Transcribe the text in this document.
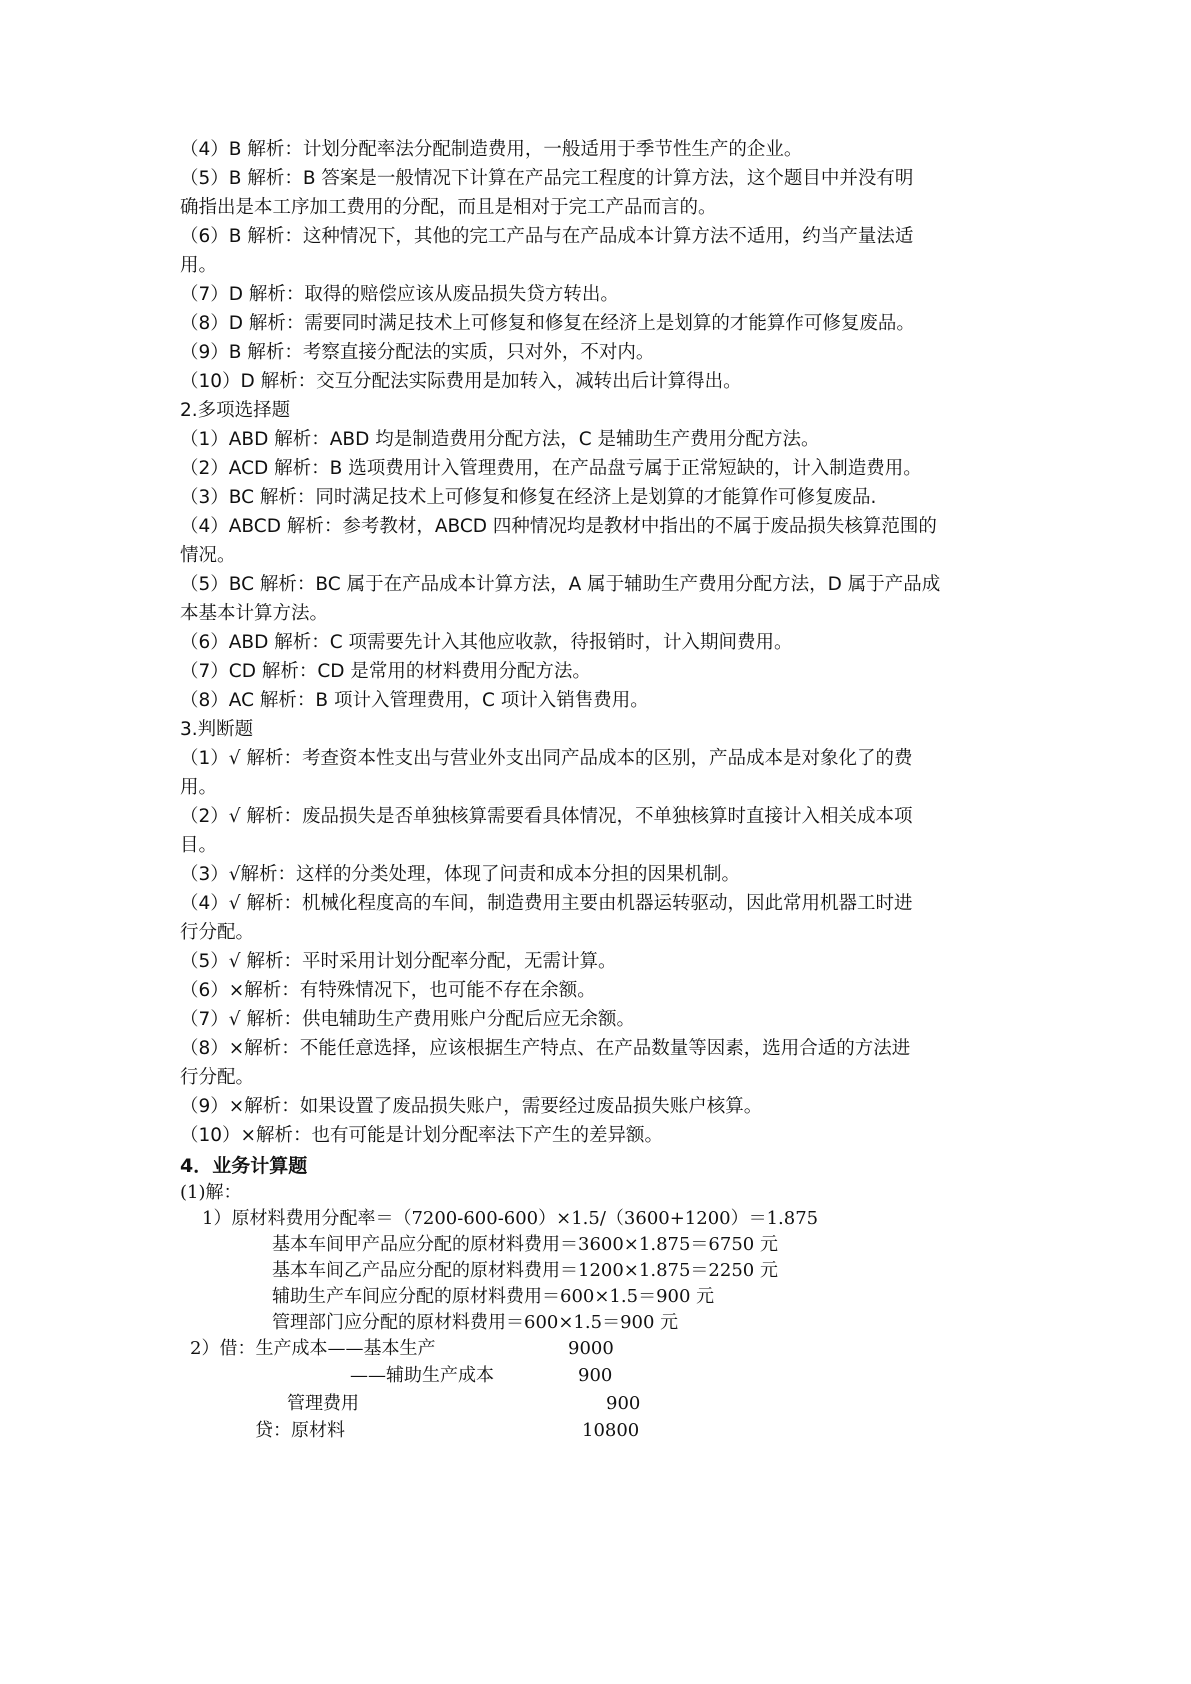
（4）B 解析：计划分配率法分配制造费用，一般适用于季节性生产的企业。
（5）B 解析：B 答案是一般情况下计算在产品完工程度的计算方法，这个题目中并没有明
确指出是本工序加工费用的分配，而且是相对于完工产品而言的。
（6）B 解析：这种情况下，其他的完工产品与在产品成本计算方法不适用，约当产量法适
用。
（7）D 解析：取得的赔偿应该从废品损失贷方转出。
（8）D 解析：需要同时满足技术上可修复和修复在经济上是划算的才能算作可修复废品。
（9）B 解析：考察直接分配法的实质，只对外，不对内。
（10）D 解析：交互分配法实际费用是加转入，减转出后计算得出。
2.多项选择题
（1）ABD 解析：ABD 均是制造费用分配方法，C 是辅助生产费用分配方法。
（2）ACD 解析：B 选项费用计入管理费用，在产品盘亏属于正常短缺的，计入制造费用。
（3）BC 解析：同时满足技术上可修复和修复在经济上是划算的才能算作可修复废品.
（4）ABCD 解析：参考教材，ABCD 四种情况均是教材中指出的不属于废品损失核算范围的
情况。
（5）BC 解析：BC 属于在产品成本计算方法，A 属于辅助生产费用分配方法，D 属于产品成
本基本计算方法。
（6）ABD 解析：C 项需要先计入其他应收款，待报销时，计入期间费用。
（7）CD 解析：CD 是常用的材料费用分配方法。
（8）AC 解析：B 项计入管理费用，C 项计入销售费用。
3.判断题
（1）√ 解析：考查资本性支出与营业外支出同产品成本的区别，产品成本是对象化了的费
用。
（2）√ 解析：废品损失是否单独核算需要看具体情况，不单独核算时直接计入相关成本项
目。
（3）√解析：这样的分类处理，体现了问责和成本分担的因果机制。
（4）√ 解析：机械化程度高的车间，制造费用主要由机器运转驱动，因此常用机器工时进
行分配。
（5）√ 解析：平时采用计划分配率分配，无需计算。
（6）×解析：有特殊情况下，也可能不存在余额。
（7）√ 解析：供电辅助生产费用账户分配后应无余额。
（8）×解析：不能任意选择，应该根据生产特点、在产品数量等因素，选用合适的方法进
行分配。
（9）×解析：如果设置了废品损失账户，需要经过废品损失账户核算。
（10）×解析：也有可能是计划分配率法下产生的差异额。
4．业务计算题
(1)解：
1）原材料费用分配率＝（7200-600-600）×1.5/（3600+1200）＝1.875
基本车间甲产品应分配的原材料费用＝3600×1.875＝6750 元
基本车间乙产品应分配的原材料费用＝1200×1.875＝2250 元
辅助生产车间应分配的原材料费用＝600×1.5＝900 元
管理部门应分配的原材料费用＝600×1.5＝900 元
2）借：生产成本——基本生产	9000
——辅助生产成本	900
管理费用	900
贷：原材料	10800
